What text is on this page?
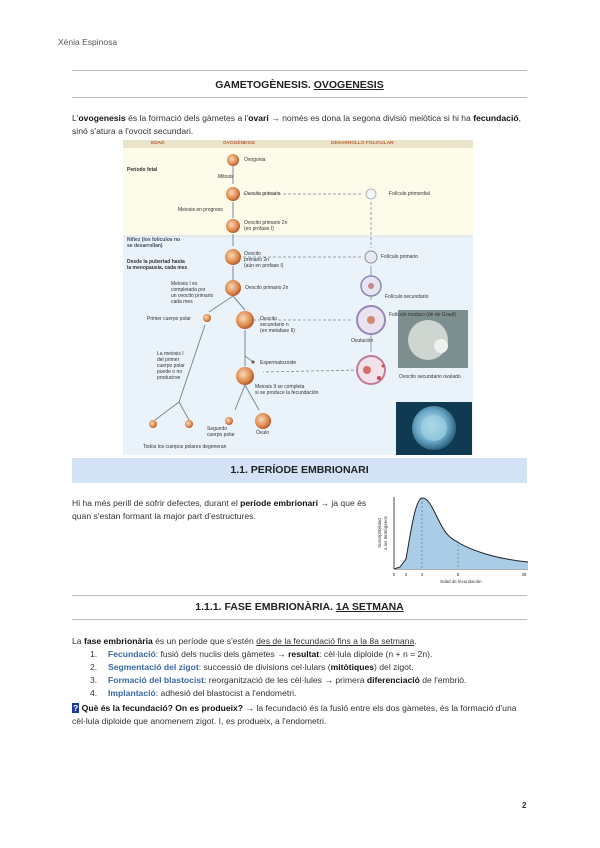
Xènia Espinosa
GAMETOGÈNESIS. OVOGENESIS
L'ovogenesis és la formació dels gàmetes a l'ovari → només es dona la segona divisió meiòtica si hi ha fecundació, sinó s'atura a l'ovocit secundari.
EDAD	OVOGÉNESIS	DESARROLLO FOLICULAR
Período fetal
Ovogonia
Mitosis
Ovocito primario	Folículo primordial
Meiosis en progreso
Ovocito primario 2n
(en profase I)
Niñez (los folículos no
se desarrollan)
Desde la pubertad hasta
la menopausia, cada mes
Ovocito
primario 2n
(aún en profase I)
Folículo primario
Folículo secundario
Meiosis I es
completada por
un ovocito primario
cada mes
Ovocito primario 2n
Primer cuerpo polar	Ovocito
secundario n
(en metafase II)
Folículo maduro (de de Graaf)
Ovulación
La meiosis I
del primer
cuerpo polar
puede o no
producirse
Espermatozoide
Ovocito secundario ovulado
Meiosis II se completa
si se produce la fecundación
Segundo
cuerpo polar	Óvulo
Todos los cuerpos polares degeneran
1.1. PERÍODE EMBRIONARI
Hi ha més perill de sofrir defectes, durant el període embrionari → ja que és quan s'estan formant la major part d'estructures.
Susceptibilidad a los teratógenos
0 2	4	8	38
Edad de fecundación
1.1.1. FASE EMBRIONÀRIA. 1A SETMANA
La fase embrionària és un període que s'estén des de la fecundació fins a la 8a setmana.
1. Fecundació: fusió dels nuclis dels gàmetes → resultat: cèl·lula diploide (n + n = 2n).
2. Segmentació del zigot: successió de divisions cel·lulars (mitòtiques) del zigot.
3. Formació del blastocist: reorganització de les cèl·lules → primera diferenciació de l'embrió.
4. Implantació: adhesió del blastocist a l'endometri.
? Què és la fecundació? On es produeix? → la fecundació és la fusió entre els dos gàmetes, és la formació d'una cèl·lula diploide que anomenem zigot. I, es produeix, a l'endometri.
2
